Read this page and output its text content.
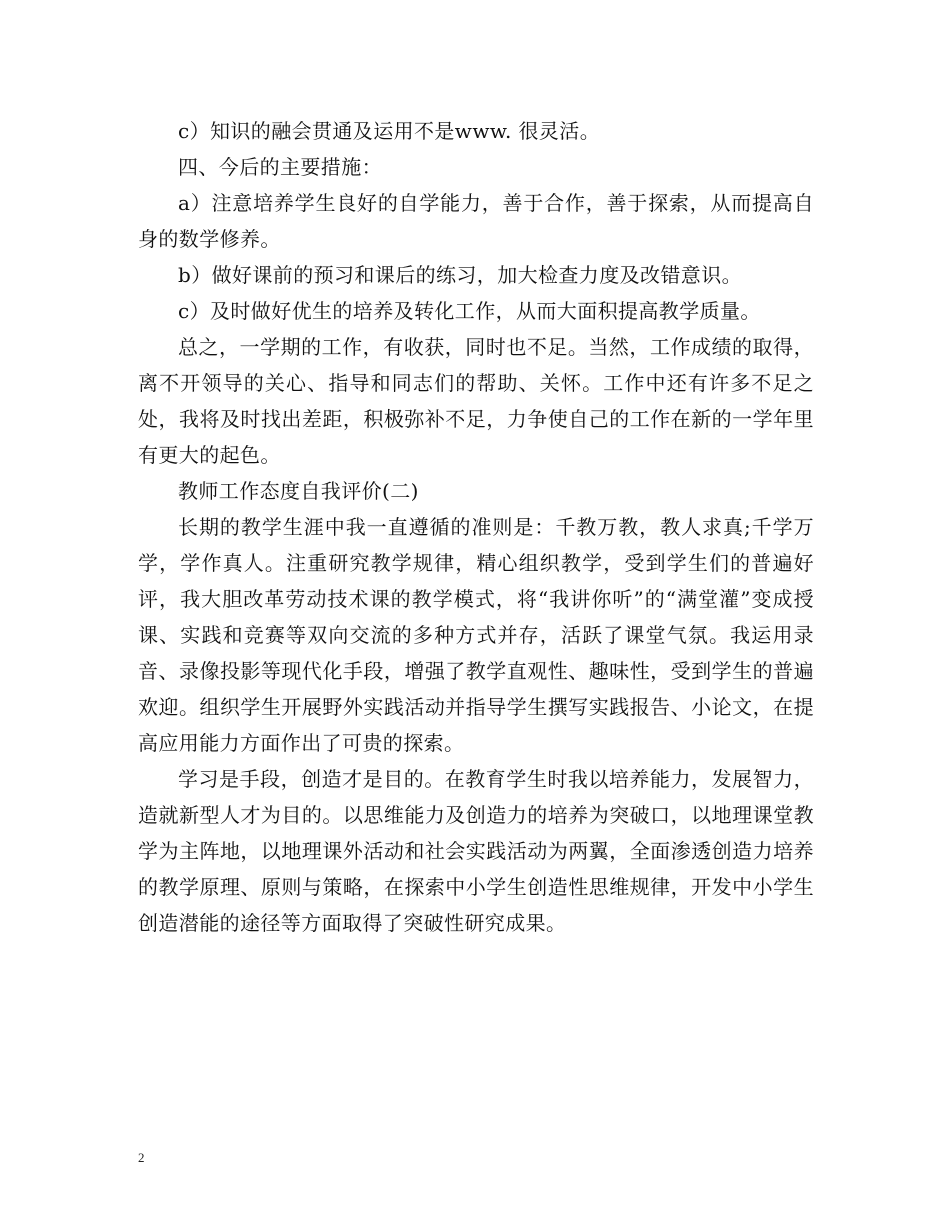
c）知识的融会贯通及运用不是www. 很灵活。

四、今后的主要措施：

a）注意培养学生良好的自学能力，善于合作，善于探索，从而提高自身的数学修养。

b）做好课前的预习和课后的练习，加大检查力度及改错意识。

c）及时做好优生的培养及转化工作，从而大面积提高教学质量。

总之，一学期的工作，有收获，同时也不足。当然，工作成绩的取得，离不开领导的关心、指导和同志们的帮助、关怀。工作中还有许多不足之处，我将及时找出差距，积极弥补不足，力争使自己的工作在新的一学年里有更大的起色。

教师工作态度自我评价(二)

长期的教学生涯中我一直遵循的准则是：千教万教，教人求真;千学万学，学作真人。注重研究教学规律，精心组织教学，受到学生们的普遍好评，我大胆改革劳动技术课的教学模式，将“我讲你听”的“满堂灌”变成授课、实践和竞赛等双向交流的多种方式并存，活跃了课堂气氛。我运用录音、录像投影等现代化手段，增强了教学直观性、趣味性，受到学生的普遍欢迎。组织学生开展野外实践活动并指导学生撰写实践报告、小论文，在提高应用能力方面作出了可贵的探索。

学习是手段，创造才是目的。在教育学生时我以培养能力，发展智力，造就新型人才为目的。以思维能力及创造力的培养为突破口，以地理课堂教学为主阵地，以地理课外活动和社会实践活动为两翼，全面渗透创造力培养的教学原理、原则与策略，在探索中小学生创造性思维规律，开发中小学生创造潜能的途径等方面取得了突破性研究成果。

2
